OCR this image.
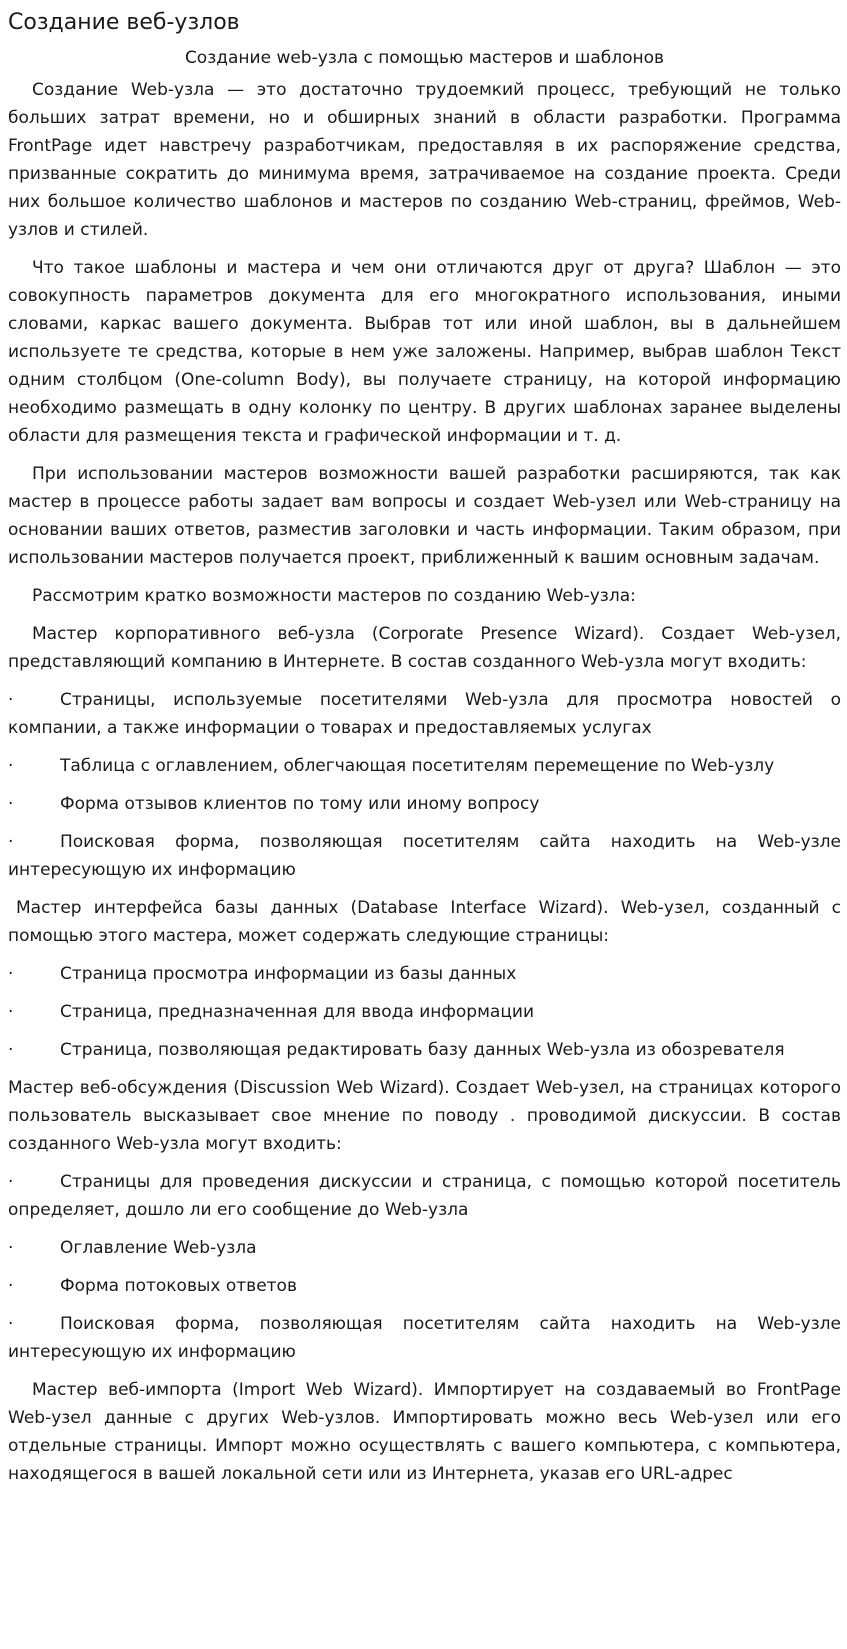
Создание веб-узлов
Создание web-узла с помощью мастеров и шаблонов

Создание Web-узла — это достаточно трудоемкий процесс, требующий не только больших затрат времени, но и обширных знаний в области разработки. Программа FrontPage идет навстречу разработчикам, предоставляя в их распоряжение средства, призванные сократить до минимума время, затрачиваемое на создание проекта. Среди них большое количество шаблонов и мастеров по созданию Web-страниц, фреймов, Web-узлов и стилей.

Что такое шаблоны и мастера и чем они отличаются друг от друга? Шаблон — это совокупность параметров документа для его многократного использования, иными словами, каркас вашего документа. Выбрав тот или иной шаблон, вы в дальнейшем используете те средства, которые в нем уже заложены. Например, выбрав шаблон Текст одним столбцом (One-column Body), вы получаете страницу, на которой информацию необходимо размещать в одну колонку по центру. В других шаблонах заранее выделены области для размещения текста и графической информации и т. д.

При использовании мастеров возможности вашей разработки расширяются, так как мастер в процессе работы задает вам вопросы и создает Web-узел или Web-страницу на основании ваших ответов, разместив заголовки и часть информации. Таким образом, при использовании мастеров получается проект, приближенный к вашим основным задачам.

Рассмотрим кратко возможности мастеров по созданию Web-узла:

Мастер корпоративного веб-узла (Corporate Presence Wizard). Создает Web-узел, представляющий компанию в Интернете. В состав созданного Web-узла могут входить:

·	Страницы, используемые посетителями Web-узла для просмотра новостей о компании, а также информации о товарах и предоставляемых услугах
·	Таблица с оглавлением, облегчающая посетителям перемещение по Web-узлу
·	Форма отзывов клиентов по тому или иному вопросу
·	Поисковая форма, позволяющая посетителям сайта находить на Web-узле интересующую их информацию

Мастер интерфейса базы данных (Database Interface Wizard). Web-узел, созданный с помощью этого мастера, может содержать следующие страницы:

·	Страница просмотра информации из базы данных
·	Страница, предназначенная для ввода информации
·	Страница, позволяющая редактировать базу данных Web-узла из обозревателя

Мастер веб-обсуждения (Discussion Web Wizard). Создает Web-узел, на страницах которого пользователь высказывает свое мнение по поводу . проводимой дискуссии. В состав созданного Web-узла могут входить:

·	Страницы для проведения дискуссии и страница, с помощью которой посетитель определяет, дошло ли его сообщение до Web-узла
·	Оглавление Web-узла
·	Форма потоковых ответов
·	Поисковая форма, позволяющая посетителям сайта находить на Web-узле интересующую их информацию

Мастер веб-импорта (Import Web Wizard). Импортирует на создаваемый во FrontPage Web-узел данные с других Web-узлов. Импортировать можно весь Web-узел или его отдельные страницы. Импорт можно осуществлять с вашего компьютера, с компьютера, находящегося в вашей локальной сети или из Интернета, указав его URL-адрес
